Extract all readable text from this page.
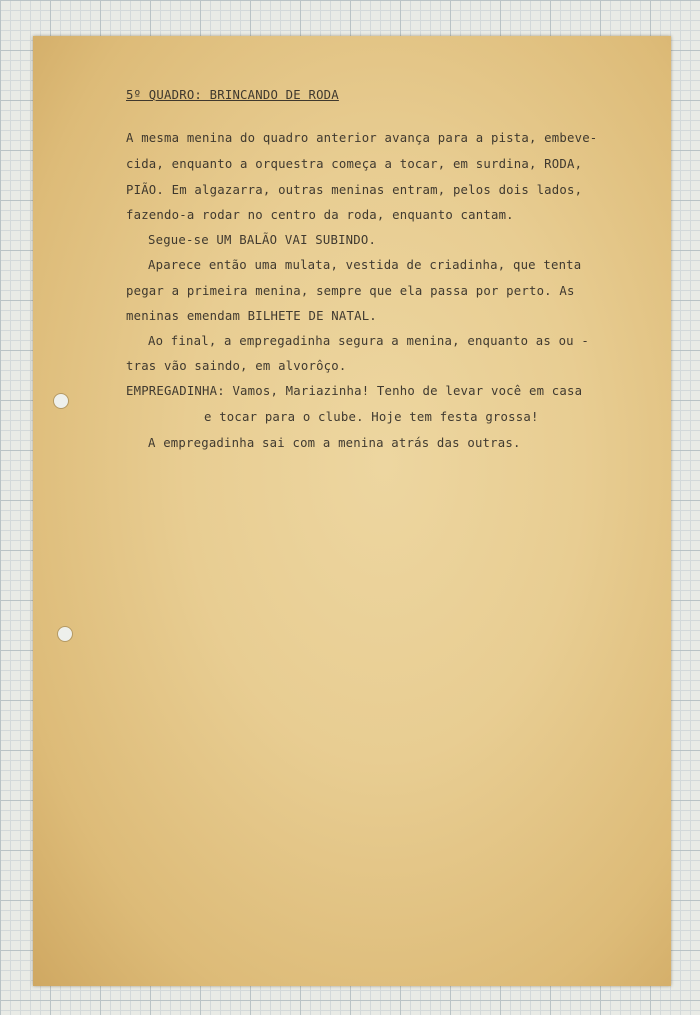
5º QUADRO: BRINCANDO DE RODA
A mesma menina do quadro anterior avança para a pista, embeve-
cida, enquanto a orquestra começa a tocar, em surdina, RODA,
PIÃO. Em algazarra, outras meninas entram, pelos dois lados,
fazendo-a rodar no centro da roda, enquanto cantam.
Segue-se UM BALÃO VAI SUBINDO.
Aparece então uma mulata, vestida de criadinha, que tenta
pegar a primeira menina, sempre que ela passa por perto. As
meninas emendam BILHETE DE NATAL.
Ao final, a empregadinha segura a menina, enquanto as ou -
tras vão saindo, em alvorôço.
EMPREGADINHA: Vamos, Mariazinha! Tenho de levar você em casa
e tocar para o clube. Hoje tem festa grossa!
A empregadinha sai com a menina atrás das outras.
